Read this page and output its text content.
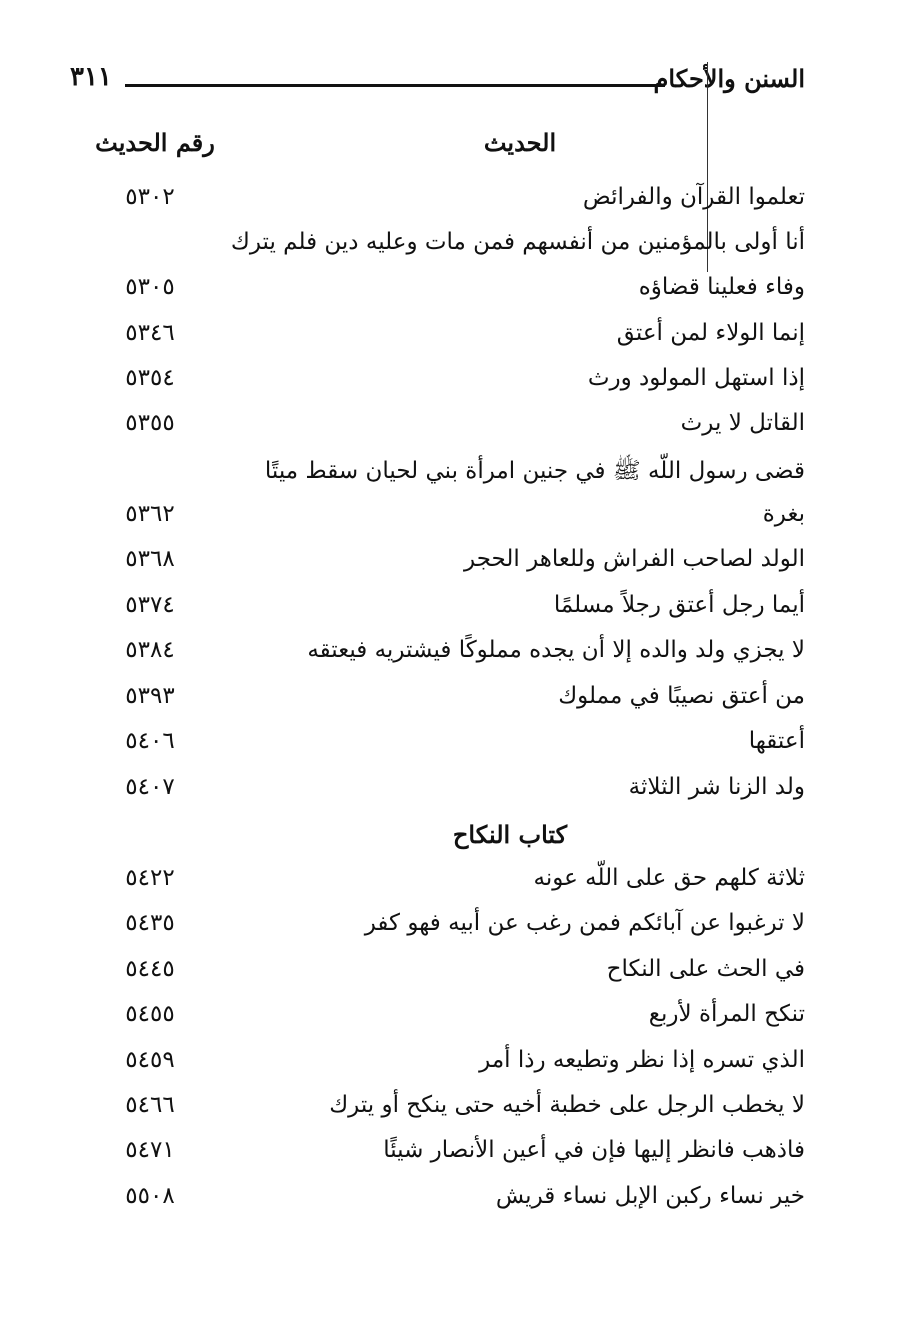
السنن والأحكام
٣١١
الحديث
رقم الحديث
تعلموا القرآن والفرائض
٥٣٠٢
أنا أولى بالمؤمنين من أنفسهم فمن مات وعليه دين فلم يترك
وفاء فعلينا قضاؤه
٥٣٠٥
إنما الولاء لمن أعتق
٥٣٤٦
إذا استهل المولود ورث
٥٣٥٤
القاتل لا يرث
٥٣٥٥
قضى رسول اللّه ﷺ في جنين امرأة بني لحيان سقط ميتًا
بغرة
٥٣٦٢
الولد لصاحب الفراش وللعاهر الحجر
٥٣٦٨
أيما رجل أعتق رجلاً مسلمًا
٥٣٧٤
لا يجزي ولد والده إلا أن يجده مملوكًا فيشتريه فيعتقه
٥٣٨٤
من أعتق نصيبًا في مملوك
٥٣٩٣
أعتقها
٥٤٠٦
ولد الزنا شر الثلاثة
٥٤٠٧
كتاب النكاح
ثلاثة كلهم حق على اللّه عونه
٥٤٢٢
لا ترغبوا عن آبائكم فمن رغب عن أبيه فهو كفر
٥٤٣٥
في الحث على النكاح
٥٤٤٥
تنكح المرأة لأربع
٥٤٥٥
الذي تسره إذا نظر وتطيعه رذا أمر
٥٤٥٩
لا يخطب الرجل على خطبة أخيه حتى ينكح أو يترك
٥٤٦٦
فاذهب فانظر إليها فإن في أعين الأنصار شيئًا
٥٤٧١
خير نساء ركبن الإبل نساء قريش
٥٥٠٨
